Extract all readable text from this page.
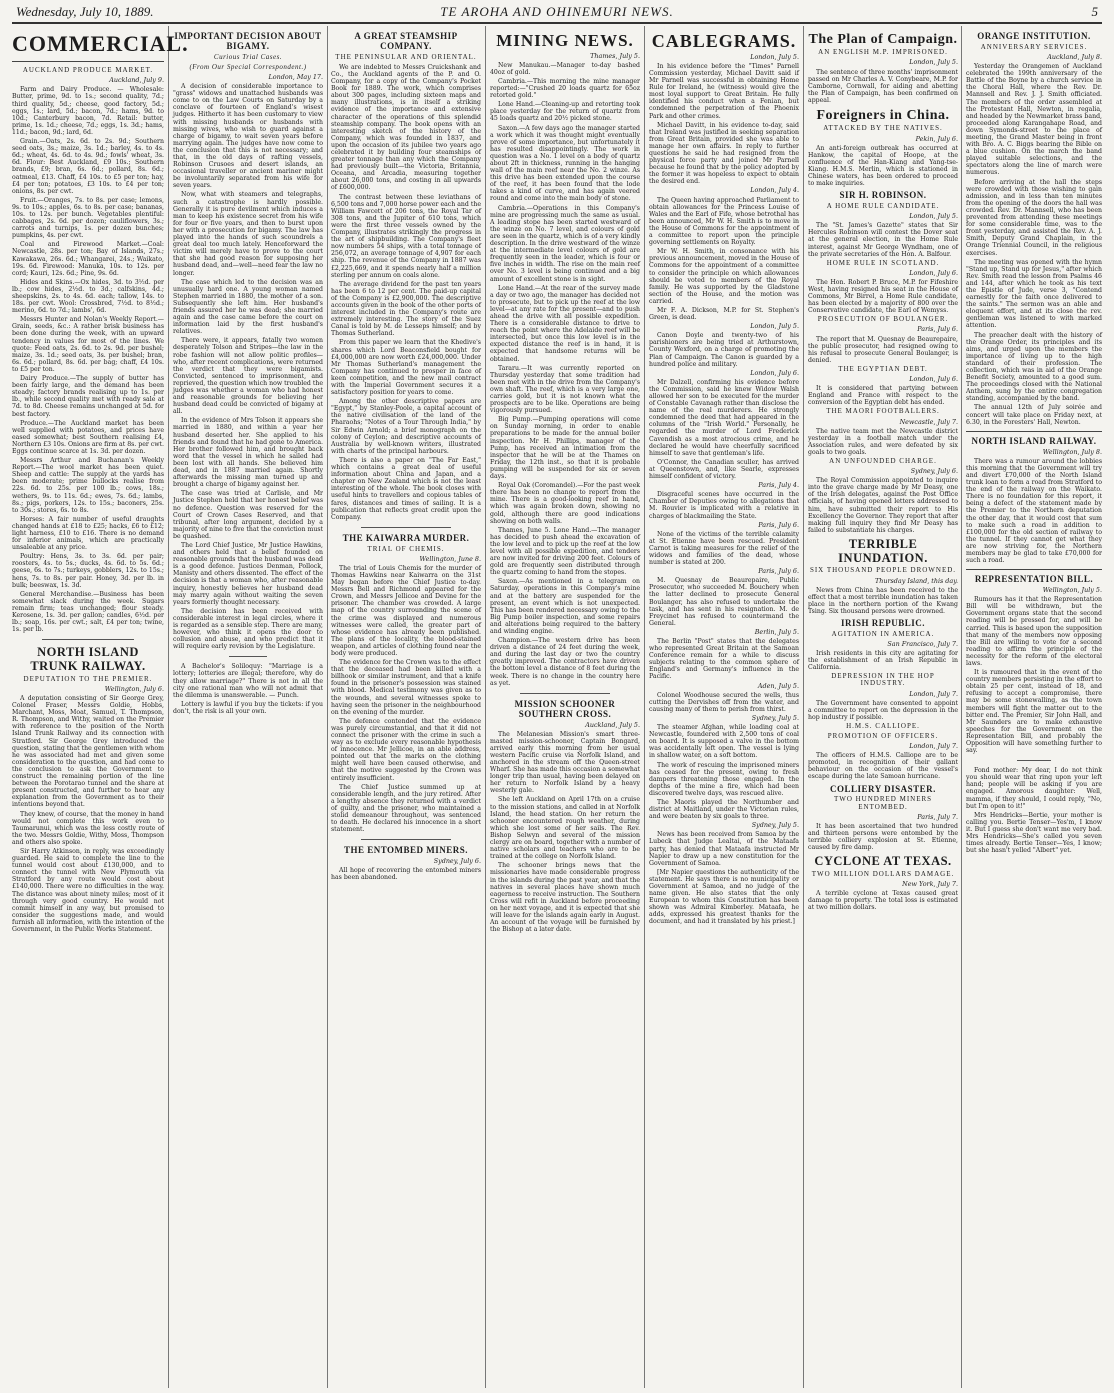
Wednesday, July 10, 1889.	TE AROHA AND OHINEMURI NEWS.	5
COMMERCIAL.
AUCKLAND PRODUCE MARKET.
Auckland, July 9.

Farm and Dairy Produce. — Wholesale: Butter, prime, 9d. to 1s.; second quality, 7d.; third quality, 5d.; cheese, good factory, 5d.; eggs, 1s.; lard, 5d.; bacon, 7d.; hams, 9d. to 10d.; Canterbury bacon, 7d. Retail: butter, prime, 1s. 1d.; cheese, 7d.; eggs, 1s. 3d.; hams, 11d.; bacon, 9d.; lard, 6d.

Grain.—Oats, 2s. 6d. to 2s. 9d.; Southern seed oats, 3s.; maize, 3s. 1d.; barley, 4s. to 4s. 6d.; wheat, 4s. 6d. to 4s. 9d.; fowls' wheat, 3s. 6d. Flour: Best Auckland, £9 10s.; Southern brands, £9; bran, 6s. 6d.; pollard, 8s. 6d.; oatmeal, £13. Chaff, £4 10s. to £5 per ton; hay, £4 per ton; potatoes, £3 10s. to £4 per ton; onions, 8s. per cwt.

Fruit.—Oranges, 7s. to 8s. per case; lemons, 9s. to 10s.; apples, 6s. to 8s. per case; bananas, 10s. to 12s. per bunch. Vegetables plentiful: cabbages, 2s. 6d. per dozen; cauliflowers, 3s.; carrots and turnips, 1s. per dozen bunches; pumpkins, 4s. per cwt.

Coal and Firewood Market.—Coal: Newcastle, 28s. per ton; Bay of Islands, 27s.; Kawakawa, 26s. 6d.; Whangarei, 24s.; Waikato, 19s. 6d. Firewood: Manuka, 10s. to 12s. per cord; Kauri, 12s. 6d.; Pine, 9s. 6d.

Hides and Skins.—Ox hides, 3d. to 3½d. per lb.; cow hides, 2½d. to 3d.; calfskins, 4d.; sheepskins, 2s. to 4s. 6d. each; tallow, 14s. to 18s. per cwt. Wool: Crossbred, 7½d. to 8½d.; merino, 6d. to 7d.; lambs', 6d.

Messrs Hunter and Nolan's Weekly Report.—Grain, seeds, &c.: A rather brisk business has been done during the week, with an upward tendency in values for most of the lines. We quote: Feed oats, 2s. 6d. to 2s. 9d. per bushel; maize, 3s. 1d.; seed oats, 3s. per bushel; bran, 6s. 6d.; pollard, 8s. 6d. per bag; chaff, £4 10s. to £5 per ton.

Dairy Produce.—The supply of butter has been fairly large, and the demand has been steady; factory brands realising up to 1s. per lb., while second quality met with ready sale at 7d. to 8d. Cheese remains unchanged at 5d. for best factory.

Produce.—The Auckland market has been well supplied with potatoes, and prices have eased somewhat; best Southern realising £4, Northern £3 10s. Onions are firm at 8s. per cwt. Eggs continue scarce at 1s. 3d. per dozen.

Messrs Arthur and Buchanan's Weekly Report.—The wool market has been quiet. Sheep and cattle: The supply at the yards has been moderate; prime bullocks realise from 22s. 6d. to 25s. per 100 lb.; cows, 18s.; wethers, 9s. to 11s. 6d.; ewes, 7s. 6d.; lambs, 8s.; pigs, porkers, 12s. to 15s.; baconers, 25s. to 30s.; stores, 6s. to 8s.

Horses: A fair number of useful draughts changed hands at £18 to £25; hacks, £6 to £12; light harness, £10 to £16. There is no demand for inferior animals, which are practically unsaleable at any price.

Poultry: Hens, 3s. to 3s. 6d. per pair; roosters, 4s. to 5s.; ducks, 4s. 6d. to 5s. 6d.; geese, 6s. to 7s.; turkeys, gobblers, 12s. to 15s.; hens, 7s. to 8s. per pair. Honey, 3d. per lb. in bulk; beeswax, 1s. 3d.

General Merchandise.—Business has been somewhat slack during the week. Sugars remain firm; teas unchanged; flour steady. Kerosene, 1s. 3d. per gallon; candles, 6½d. per lb.; soap, 16s. per cwt.; salt, £4 per ton; twine, 1s. per lb.

NORTH ISLAND TRUNK RAILWAY.
DEPUTATION TO THE PREMIER.
Wellington, July 6.

A deputation consisting of Sir George Grey, Colonel Fraser, Messrs Goldie, Hobbs, Marchant, Moss, Moat, Samuel, T. Thompson, R. Thompson, and Withy, waited on the Premier with reference to the position of the North Island Trunk Railway and its connection with Stratford. Sir George Grey introduced the question, stating that the gentlemen with whom he was associated had met and given some consideration to the question, and had come to the conclusion to ask the Government to construct the remaining portion of the line between the Porotarao tunnel and the share at present constructed, and further to hear any explanation from the Government as to their intentions beyond that.

They knew, of course, that the money in hand would not complete this work even to Taumarunui, which was the less costly route of the two. Messrs Goldie, Withy, Moss, Thompson and others also spoke.

Sir Harry Atkinson, in reply, was exceedingly guarded. He said to complete the line to the tunnel would cost about £130,000, and to connect the tunnel with New Plymouth via Stratford by any route would cost about £140,000. There were no difficulties in the way. The distance was about ninety miles; most of it through very good country. He would not commit himself in any way, but promised to consider the suggestions made, and would furnish all information, with the intention of the Government, in the Public Works Statement.

IMPORTANT DECISION ABOUT BIGAMY.
Curious Trial Cases.
(From Our Special Correspondent.)
London, May 17.

A decision of considerable importance to "grass" widows and unattached husbands was come to on the Law Courts on Saturday by a conclave of fourteen of England's wisest judges. Hitherto it has been customary to view with missing husbands or husbands with missing wives, who wish to guard against a charge of bigamy, to wait seven years before marrying again. The judges have now come to the conclusion that this is not necessary; and that, in the old days of rafting vessels, Robinson Crusoes and desert islands, an occasional traveller or ancient mariner might be involuntarily separated from his wife for seven years.

Now, what with steamers and telegraphs, such a catastrophe is hardly possible. Generally it is pure devilment which induces a man to keep his existence secret from his wife for four or five years, and then to burst upon her with a prosecution for bigamy. The law has played into the hands of such scoundrels a great deal too much lately. Henceforward the victim will merely have to prove to the court that she had good reason for supposing her husband dead, and—well—need fear the law no longer.

The case which led to the decision was an unusually hard one. A young woman named Stephen married in 1880, the mother of a son. Subsequently she left him. Her husband's friends assured her he was dead; she married again and the case came before the court on information laid by the first husband's relatives.

There were, it appears, fatally two women desperately Tolson and Stripes—the law in the robe fashion will not allow politic profiles—who, after recent complications, were returned the verdict that they were bigamists. Convicted, sentenced to imprisonment, and reprieved, the question which now troubled the judges was whether a woman who had honest and reasonable grounds for believing her husband dead could be convicted of bigamy at all.

In the evidence of Mrs Tolson it appears she married in 1880, and within a year her husband deserted her. She applied to his friends and found that he had gone to America. Her brother followed him, and brought back word that the vessel in which he sailed had been lost with all hands. She believed him dead, and in 1887 married again. Shortly afterwards the missing man turned up and brought a charge of bigamy against her.

The case was tried at Carlisle, and Mr Justice Stephen held that her honest belief was no defence. Question was reserved for the Court of Crown Cases Reserved, and that tribunal, after long argument, decided by a majority of nine to five that the conviction must be quashed.

The Lord Chief Justice, Mr Justice Hawkins, and others held that a belief founded on reasonable grounds that the husband was dead is a good defence. Justices Denman, Pollock, Manisty and others dissented. The effect of the decision is that a woman who, after reasonable inquiry, honestly believes her husband dead may marry again without waiting the seven years formerly thought necessary.

The decision has been received with considerable interest in legal circles, where it is regarded as a sensible step. There are many, however, who think it opens the door to collusion and abuse, and who predict that it will require early revision by the Legislature.

A Bachelor's Soliloquy: "Marriage is a lottery; lotteries are illegal; therefore, why do they allow marriage?" There is not in all the city one rational man who will not admit that the dilemma is unanswerable. — Punch.

Lottery is lawful if you buy the tickets: if you don't, the risk is all your own.

A GREAT STEAMSHIP COMPANY.
THE PENINSULAR AND ORIENTAL.

We are indebted to Messrs Cruickshank and Co., the Auckland agents of the P. and O. Company, for a copy of the Company's Pocket Book for 1889. The work, which comprises about 300 pages, including sixteen maps and many illustrations, is in itself a striking evidence of the importance and extensive character of the operations of this splendid steamship company. The book opens with an interesting sketch of the history of the Company, which was founded in 1837, and upon the occasion of its jubilee two years ago celebrated it by building four steamships of greater tonnage than any which the Company had previously built—the Victoria, Britannia, Oceana, and Arcadia, measuring together about 26,000 tons, and costing in all upwards of £600,000.

The contrast between these leviathans of 6,500 tons and 7,000 horse power each and the William Fawcett of 206 tons, the Royal Tar of 308 tons, and the Jupiter of 610 tons, which were the first three vessels owned by the Company, illustrates strikingly the progress in the art of shipbuilding. The Company's fleet now numbers 54 ships, with a total tonnage of 256,072, an average tonnage of 4,907 for each ship. The revenue of the Company in 1887 was £2,225,669, and it spends nearly half a million sterling per annum on coals alone.

The average dividend for the past ten years has been 6 to 12 per cent. The paid-up capital of the Company is £2,900,000. The descriptive accounts given in the book of the other ports of interest included in the Company's route are extremely interesting. The story of the Suez Canal is told by M. de Lesseps himself; and by Thomas Sutherland.

From this paper we learn that the Khedive's shares which Lord Beaconsfield bought for £4,000,000 are now worth £24,000,000. Under Mr Thomas Sutherland's management the Company has continued to prosper in face of keen competition, and the new mail contract with the Imperial Government secures it a satisfactory position for years to come.

Among the other descriptive papers are "Egypt," by Stanley-Poole, a capital account of the native civilisation of the land of the Pharaohs; "Notes of a Tour Through India," by Sir Edwin Arnold; a brief monograph on the colony of Ceylon; and descriptive accounts of Australia by well-known writers, illustrated with charts of the principal harbours.

There is also a paper on "The Far East," which contains a great deal of useful information about China and Japan, and a chapter on New Zealand which is not the least interesting of the whole. The book closes with useful hints to travellers and copious tables of fares, distances and times of sailing. It is a publication that reflects great credit upon the Company.

THE KAIWARRA MURDER.
TRIAL OF CHEMIS.
Wellington, June 8.

The trial of Louis Chemis for the murder of Thomas Hawkins near Kaiwarra on the 31st May began before the Chief Justice to-day. Messrs Bell and Richmond appeared for the Crown, and Messrs Jellicoe and Devine for the prisoner. The chamber was crowded. A large map of the country surrounding the scene of the crime was displayed and numerous witnesses were called, the greater part of whose evidence has already been published. The plans of the locality, the blood-stained weapon, and articles of clothing found near the body were produced.

The evidence for the Crown was to the effect that the deceased had been killed with a billhook or similar instrument, and that a knife found in the prisoner's possession was stained with blood. Medical testimony was given as to the wounds, and several witnesses spoke to having seen the prisoner in the neighbourhood on the evening of the murder.

The defence contended that the evidence was purely circumstantial, and that it did not connect the prisoner with the crime in such a way as to exclude every reasonable hypothesis of innocence. Mr Jellicoe, in an able address, pointed out that the marks on the clothing might well have been caused otherwise, and that the motive suggested by the Crown was entirely insufficient.

The Chief Justice summed up at considerable length, and the jury retired. After a lengthy absence they returned with a verdict of guilty, and the prisoner, who maintained a stolid demeanour throughout, was sentenced to death. He declared his innocence in a short statement.

THE ENTOMBED MINERS.
Sydney, July 6.

All hope of recovering the entombed miners has been abandoned.

MINING NEWS.
Thames, July 5.

New Manukau.—Manager to-day bashed 40oz of gold.

Cambria.—This morning the mine manager reported:—"Crushed 20 loads quartz for 65oz retorted gold."

Lone Hand.—Cleaning-up and retorting took place yesterday for the return of quartz from 45 loads quartz and 20½ picked stone.

Saxon.—A few days ago the manager started a work which it was thought might eventually prove of some importance, but unfortunately it has resulted disappointingly. The work in question was a No. 1 level on a body of quartz about 2ft in thickness, running in the hanging wall of the main reef near the No. 2 winze. As this drive has been extended upon the course of the reef, it has been found that the lode takes a kind of curve, and has again veered round and come into the main body of stone.

Cambria.—Operations in this Company's mine are progressing much the same as usual. A leading stope has been started westward of the winze on No. 7 level, and colours of gold are seen in the quartz, which is of a very kindly description. In the drive westward of the winze at the intermediate level colours of gold are frequently seen in the leader, which is four or five inches in width. The rise on the main reef over No. 3 level is being continued and a big amount of excellent stone is in sight.

Lone Hand.—At the rear of the survey made a day or two ago, the manager has decided not to prosecute, but to pick up the reef at the low level—at any rate for the present—and to push ahead the drive with all possible expedition. There is a considerable distance to drive to reach the point where the Adelaide reef will be intersected, but once this low level is in the expected distance the reef is in hand, it is expected that handsome returns will be obtained.

Tararu.—It was currently reported on Thursday yesterday that some tradition had been met with in the drive from the Company's own shaft. The reef, which is a very large one, carries gold, but it is not known what the prospects are to be like. Operations are being vigorously pursued.

Big Pump.—Pumping operations will come on Sunday morning, in order to enable preparations to be made for the annual boiler inspection. Mr H. Phillips, manager of the Pump, has received an intimation from the inspector that he will be at the Thames on Friday, the 12th inst., so that it is probable pumping will be suspended for six or seven days.

Royal Oak (Coromandel).—For the past week there has been no change to report from the mine. There is a good-looking reef in hand, which was again broken down, showing no gold, although there are good indications showing on both walls.

Thames, June 5. Lone Hand.—The manager has decided to push ahead the excavation of the low level and to pick up the reef at the low level with all possible expedition, and tenders are now invited for driving 200 feet. Colours of gold are frequently seen distributed through the quartz coming to hand from the stopes.

Saxon.—As mentioned in a telegram on Saturday, operations in this Company's mine and at the battery are suspended for the present, an event which is not unexpected. This has been rendered necessary owing to the Big Pump boiler inspection, and some repairs and alterations being required to the battery and winding engine.

Champion.—The western drive has been driven a distance of 24 feet during the week, and during the last day or two the country greatly improved. The contractors have driven the bottom level a distance of 8 feet during the week. There is no change in the country here as yet.

MISSION SCHOONER SOUTHERN CROSS.
Auckland, July 5.

The Melanesian Mission's smart three-masted mission-schooner, Captain Bongard, arrived early this morning from her usual western Pacific cruise via Norfolk Island, and anchored in the stream off the Queen-street Wharf. She has made this occasion a somewhat longer trip than usual, having been delayed on her return to Norfolk Island by a heavy westerly gale.

She left Auckland on April 17th on a cruise to the mission stations, and called in at Norfolk Island, the head station. On her return the schooner encountered rough weather, during which she lost some of her sails. The Rev. Bishop Selwyn and several of the mission clergy are on board, together with a number of native scholars and teachers who are to be trained at the college on Norfolk Island.

The schooner brings news that the missionaries have made considerable progress in the islands during the past year, and that the natives in several places have shown much eagerness to receive instruction. The Southern Cross will refit in Auckland before proceeding on her next voyage, and it is expected that she will leave for the islands again early in August. An account of the voyage will be furnished by the Bishop at a later date.

CABLEGRAMS.
London, July 5.

In his evidence before the "Times" Parnell Commission yesterday, Michael Davitt said if Mr Parnell was successful in obtaining Home Rule for Ireland, he (witness) would give the most loyal support to Great Britain. He fully identified his conduct when a Fenian, but condemned the perpetration of the Phoenix Park and other crimes.

Michael Davitt, in his evidence to-day, said that Ireland was justified in seeking separation from Great Britain, provided she was able to manage her own affairs. In reply to further questions he said he had resigned from the physical force party and joined Mr Parnell because he found that by the policy adopted by the former it was hopeless to expect to obtain the desired end.

London, July 4.

The Queen having approached Parliament to obtain allowances for the Princess Louise of Wales and the Earl of Fife, whose betrothal has been announced, Mr W. H. Smith is to move in the House of Commons for the appointment of a committee to report upon the principle governing settlements on Royalty.

Mr W. H. Smith, in consonance with his previous announcement, moved in the House of Commons for the appointment of a committee to consider the principle on which allowances should be voted to members of the Royal family. He was supported by the Gladstone section of the House, and the motion was carried.

Mr F. A. Dickson, M.P. for St. Stephen's Green, is dead.

London, July 5.

Canon Doyle and twenty-two of his parishioners are being tried at Arthurstown, County Wexford, on a charge of promoting the Plan of Campaign. The Canon is guarded by a hundred police and military.

London, July 6.

Mr Dalzell, confirming his evidence before the Commission, said he knew Widow Walsh allowed her son to be executed for the murder of Constable Cavanagh rather than disclose the name of the real murderers. He strongly condemned the deed that had appeared in the columns of the "Irish World." Personally, he regarded the murder of Lord Frederick Cavendish as a most atrocious crime, and he declared he would have cheerfully sacrificed himself to save that gentleman's life.

O'Connor, the Canadian sculler, has arrived at Queenstown, and, like Searle, expresses himself confident of victory.

Paris, July 4.

Disgraceful scenes have occurred in the Chamber of Deputies owing to allegations that M. Rouvier is implicated with a relative in charges of blackmailing the State.

Paris, July 6.

None of the victims of the terrible calamity at St. Etienne have been rescued. President Carnot is taking measures for the relief of the widows and families of the dead, whose number is stated at 200.

Paris, July 6.

M. Quesnay de Beaurepaire, Public Prosecutor, who succeeded M. Bouchery when the latter declined to prosecute General Boulanger, has also refused to undertake the task, and has sent in his resignation. M. de Freycinet has refused to countermand the General.

Berlin, July 5.

The Berlin "Post" states that the delegates who represented Great Britain at the Samoan Conference remain for a while to discuss subjects relating to the common sphere of England's and Germany's influence in the Pacific.

Aden, July 5.

Colonel Woodhouse secured the wells, thus cutting the Dervishes off from the water, and causing many of them to perish from thirst.

Sydney, July 5.

The steamer Afghan, while loading coal at Newcastle, foundered with 2,500 tons of coal on board. It is supposed a valve in the bottom was accidentally left open. The vessel is lying in shallow water, on a soft bottom.

The work of rescuing the imprisoned miners has ceased for the present, owing to fresh dampers threatening those engaged. In the depths of the mine a fire, which had been discovered twelve days, was rescued alive.

The Maoris played the Northumber and district at Maitland, under the Victorian rules, and were beaten by six goals to three.

Sydney, July 5.

News has been received from Samoa by the Lubeck that Judge Lealtai, of the Mataafa party, has denied that Mataafa instructed Mr Napier to draw up a new constitution for the Government of Samoa.

[Mr Napier questions the authenticity of the statement. He says there is no municipality or Government at Samoa, and no judge of the name given. He also states that the only European to whom this Constitution has been shown was Admiral Kimberley. Mataafa, he adds, expressed his greatest thanks for the document, and had it translated by his priest.]

The Plan of Campaign.
AN ENGLISH M.P. IMPRISONED.
London, July 5.

The sentence of three months' imprisonment passed on Mr Charles A. V. Conybeare, M.P. for Camborne, Cornwall, for aiding and abetting the Plan of Campaign, has been confirmed on appeal.

Foreigners in China.
ATTACKED BY THE NATIVES.
Pekin, July 6.

An anti-foreign outbreak has occurred at Hankow, the capital of Hoope, at the confluence of the Han-Kiang and Yang-tse-Kiang. H.M.S. Merlin, which is stationed in Chinese waters, has been ordered to proceed to make inquiries.

SIR H. ROBINSON.
A HOME RULE CANDIDATE.
London, July 5.

The "St. James's Gazette" states that Sir Hercules Robinson will contest the Dover seat at the general election, in the Home Rule interest, against Mr George Wyndham, one of the private secretaries of the Hon. A. Balfour.

HOME RULE IN SCOTLAND.
London, July 6.

The Hon. Robert P. Bruce, M.P. for Fifeshire West, having resigned his seat in the House of Commons, Mr Birrel, a Home Rule candidate, has been elected by a majority of 800 over the Conservative candidate, the Earl of Wemyss.

PROSECUTION OF BOULANGER.
Paris, July 6.

The report that M. Quesnay de Beaurepaire, the public prosecutor, had resigned owing to his refusal to prosecute General Boulanger, is denied.

THE EGYPTIAN DEBT.
London, July 6.

It is considered that partying between England and France with respect to the conversion of the Egyptian debt has ended.

THE MAORI FOOTBALLERS.
Newcastle, July 7.

The native team met the Newcastle district yesterday in a football match under the Association rules, and were defeated by six goals to two goals.

AN UNFOUNDED CHARGE.
Sydney, July 6.

The Royal Commission appointed to inquire into the grave charge made by Mr Deasy, one of the Irish delegates, against the Post Office officials, of having opened letters addressed to him, have submitted their report to His Excellency the Governor. They report that after making full inquiry they find Mr Deasy has failed to substantiate his charges.

TERRIBLE INUNDATION.
SIX THOUSAND PEOPLE DROWNED.
Thursday Island, this day.

News from China has been received to the effect that a most terrible inundation has taken place in the northern portion of the Kwang Tsing. Six thousand persons were drowned.

IRISH REPUBLIC.
AGITATION IN AMERICA.
San Francisco, July 7.

Irish residents in this city are agitating for the establishment of an Irish Republic in California.

DEPRESSION IN THE HOP INDUSTRY.
London, July 7.

The Government have consented to appoint a committee to report on the depression in the hop industry if possible.

H.M.S. CALLIOPE.
PROMOTION OF OFFICERS.
London, July 7.

The officers of H.M.S. Calliope are to be promoted, in recognition of their gallant behaviour on the occasion of the vessel's escape during the late Samoan hurricane.

COLLIERY DISASTER.
TWO HUNDRED MINERS ENTOMBED.
Paris, July 7.

It has been ascertained that two hundred and thirteen persons were entombed by the terrible colliery explosion at St. Etienne, caused by fire damp.

CYCLONE AT TEXAS.
TWO MILLION DOLLARS DAMAGE.
New York, July 7.

A terrible cyclone at Texas caused great damage to property. The total loss is estimated at two million dollars.

ORANGE INSTITUTION.
ANNIVERSARY SERVICES.
Auckland, July 8.

Yesterday the Orangemen of Auckland celebrated the 199th anniversary of the Battle of the Boyne by a church service in the Choral Hall, where the Rev. Dr. Mannsell and Rev. J. J. Smith officiated. The members of the order assembled at the Protestant Hall, Newton, in regalia, and headed by the Newmarket brass band, proceeded along Karangahape Road, and down Symonds-street to the place of meeting, the Grand Master being in front with Bro. A. C. Biggs bearing the Bible on a blue cushion. On the march the band played suitable selections, and the spectators along the line of march were numerous.

Before arriving at the hall the steps were crowded with those wishing to gain admission, and in less than ten minutes from the opening of the doors the hall was crowded. Rev. Dr. Mannsell, who has been prevented from attending these meetings for some considerable time, was to the front yesterday, and assisted the Rev. A. J. Smith, Deputy Grand Chaplain, in the Orange Triennial Council, in the religious exercises.

The meeting was opened with the hymn "Stand up, Stand up for Jesus," after which Rev. Smith read the lesson from Psalms 46 and 144, after which he took as his text the Epistle of Jude, verse 3, "Contend earnestly for the faith once delivered to the saints." The sermon was an able and eloquent effort, and at its close the rev. gentleman was listened to with marked attention.

The preacher dealt with the history of the Orange Order, its principles and its aims, and urged upon the members the importance of living up to the high standard of their profession. The collection, which was in aid of the Orange Benefit Society, amounted to a good sum. The proceedings closed with the National Anthem, sung by the entire congregation standing, accompanied by the band.

The annual 12th of July soirée and concert will take place on Friday next, at 6.30, in the Foresters' Hall, Newton.

NORTH ISLAND RAILWAY.
Wellington, July 8.

There was a rumour around the lobbies this morning that the Government will try and divert £70,000 of the North Island trunk loan to form a road from Stratford to the end of the railway on the Waikato. There is no foundation for this report, it being a defect of the statement made by the Premier to the Northern deputation the other day, that it would cost that sum to make such a road in addition to £100,000 for the old section of railway to the tunnel. If they cannot get what they are now striving for, the Northern members may be glad to take £70,000 for such a road.

REPRESENTATION BILL.
Wellington, July 5.

Rumours has it that the Representation Bill will be withdrawn, but the Government organs state that the second reading will be pressed for, and will be carried. This is based upon the supposition that many of the members now opposing the Bill are willing to vote for a second reading to affirm the principle of the necessity for the reform of the electoral laws.

It is rumoured that in the event of the country members persisting in the effort to obtain 25 per cent, instead of 18, and refusing to accept a compromise, there may be some stonewalling, as the town members will fight the matter out to the bitter end. The Premier, Sir John Hall, and Mr Saunders are to make exhaustive speeches for the Government on the Representation Bill, and probably the Opposition will have something further to say.

Fond mother: My dear, I do not think you should wear that ring upon your left hand; people will be asking if you are engaged. Amorous daughter: Well, mamma, if they should, I could reply, "No, but I'm open to it!"

Mrs Hendricks—Bertie, your mother is calling you. Bertie Tenser—Yes'm, I know it. But I guess she don't want me very bad. Mrs Hendricks—She's called you seven times already. Bertie Tenser—Yes, I know; but she hasn't yelled "Albert" yet.
